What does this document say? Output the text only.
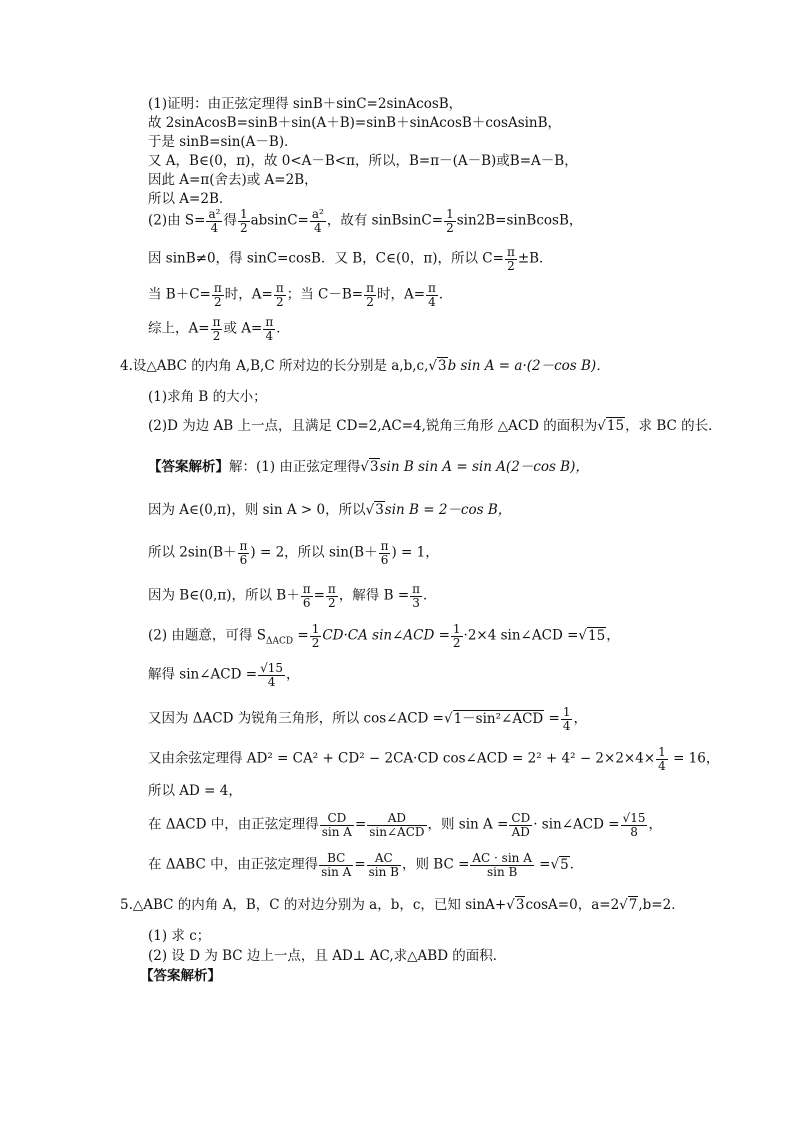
(1)证明：由正弦定理得 sinB＋sinC=2sinAcosB，
故 2sinAcosB=sinB＋sin(A＋B)=sinB＋sinAcosB＋cosAsinB，
于是 sinB=sin(A－B)．
又 A，B∈(0，π)，故 0<A－B<π，所以，B=π－(A－B)或B=A－B，
因此 A=π(舍去)或 A=2B，
所以 A=2B．
(2)由 $S= \frac{\text{a²}}{4}$ 得 $\frac{1}{2} absinC= \frac{\text{a²}}{4}$ ，故有 sinBsinC= $\frac{1}{2}$ sin2B=sinBcosB，
因 sinB≠0，得 sinC=cosB．又 B，C∈(0，π)，所以 $C= \frac{\pi}{2} \pm B$．
当 $B+C= \frac{\pi}{2}$ 时，$A= \frac{\pi}{2}$ ；当 $C-B= \frac{\pi}{2}$ 时，$A= \frac{\pi}{4}$ ．
综上，$A= \frac{\pi}{2}$ 或 $A= \frac{\pi}{4}$ ．
4.设△ABC 的内角 A,B,C 所对边的长分别是 a,b,c,√3b sin A = a·(2－cos B)．
(1)求角 B 的大小；
(2)D 为边 AB 上一点，且满足 CD=2,AC=4,锐角三角形 △ACD 的面积为√15，求 BC 的长．
【答案解析】解：(1) 由正弦定理得√3sin B sin A = sin A(2－cos B)，
因为 A∈(0,π)，则 sin A > 0，所以√3sin B = 2－cos B，
所以 $2\sin(B+ \frac{\pi}{6}$ ) = 2，所以 $\sin(B+ \frac{\pi}{6}$ ) = 1，
因为 B∈(0,π)，所以 $B+ \frac{\pi}{6} = \frac{\pi}{2}$ ，解得 $B = \frac{\pi}{3}$ ．
(2) 由题意，可得 $S_{\Delta ACD} = \frac{1}{2} CD\cdot CA$ sin∠ACD = $\frac{1}{2} \cdot 2\times 4$ sin∠ACD =√15，
解得 sin∠ACD = $\frac{√15}{4}$ ，
又因为 ΔACD 为锐角三角形，所以 cos∠ACD =√1－sin²∠ACD = $\frac{1}{4}$ ，
又由余弦定理得 AD² = CA² + CD² − 2CA·CD cos∠ACD = $2^2 + 4^2 - 2\times 2\times 4\times \frac{1}{4} = 16$，
所以 AD = 4，
在 ΔACD 中，由正弦定理得 $\frac{CD}{\text{sin A}} = \frac{AD}{\text{sin∠ACD}}$ ，则 $\sin A = \frac{CD}{AD}$ · sin∠ACD = $\frac{√15}{8}$ ，
在 ΔABC 中，由正弦定理得 $\frac{BC}{\text{sin A}} = \frac{AC}{\text{sin B}}$ ，则 BC = $\frac{\text{AC · sin A}}{\text{sin B}} =√5$．
5.△ABC 的内角 A，B，C 的对边分别为 a，b，c，已知 sinA+√3cosA=0，a=2√7,b=2．
(1) 求 c；
(2) 设 D 为 BC 边上一点，且 AD⊥ AC,求△ABD 的面积．
【答案解析】
